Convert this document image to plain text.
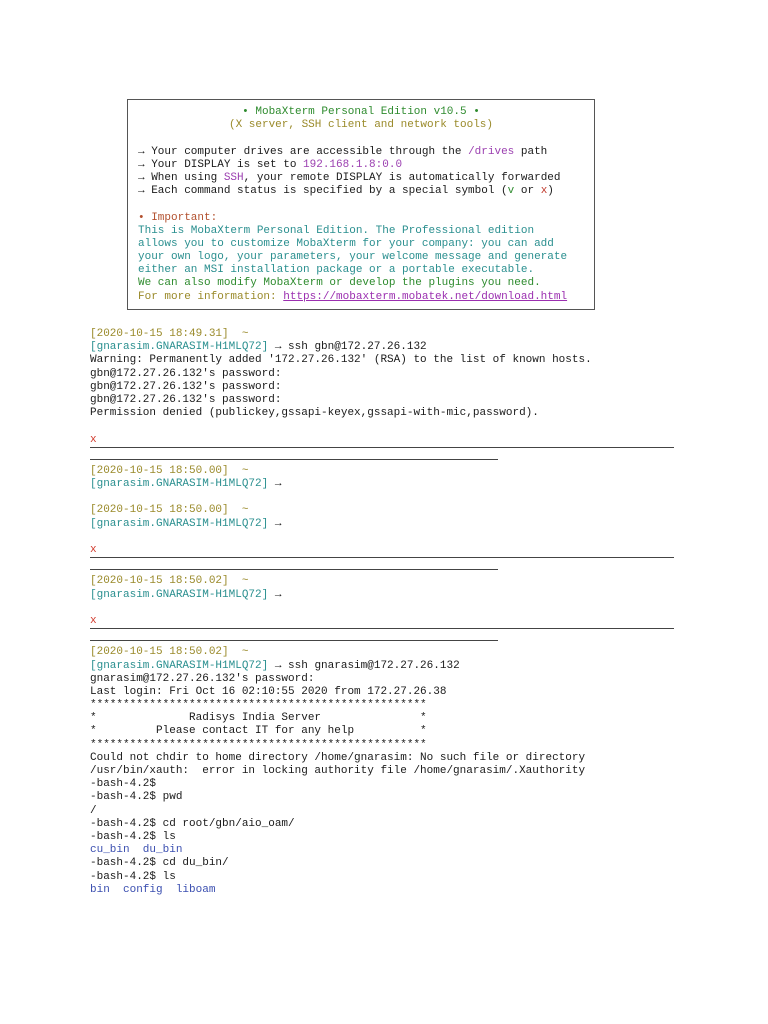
• MobaXterm Personal Edition v10.5 •
(X server, SSH client and network tools)
→ Your computer drives are accessible through the /drives path
→ Your DISPLAY is set to 192.168.1.8:0.0
→ When using SSH, your remote DISPLAY is automatically forwarded
→ Each command status is specified by a special symbol (v or x)
• Important:
This is MobaXterm Personal Edition. The Professional edition
allows you to customize MobaXterm for your company: you can add
your own logo, your parameters, your welcome message and generate
either an MSI installation package or a portable executable.
We can also modify MobaXterm or develop the plugins you need.
For more information: https://mobaxterm.mobatek.net/download.html
[2020-10-15 18:49.31]  ~
[gnarasim.GNARASIM-H1MLQ72] → ssh gbn@172.27.26.132
Warning: Permanently added '172.27.26.132' (RSA) to the list of known hosts.
gbn@172.27.26.132's password:
gbn@172.27.26.132's password:
gbn@172.27.26.132's password:
Permission denied (publickey,gssapi-keyex,gssapi-with-mic,password).
x
[2020-10-15 18:50.00]  ~
[gnarasim.GNARASIM-H1MLQ72] →
[2020-10-15 18:50.00]  ~
[gnarasim.GNARASIM-H1MLQ72] →
x
[2020-10-15 18:50.02]  ~
[gnarasim.GNARASIM-H1MLQ72] →
x
[2020-10-15 18:50.02]  ~
[gnarasim.GNARASIM-H1MLQ72] → ssh gnarasim@172.27.26.132
gnarasim@172.27.26.132's password:
Last login: Fri Oct 16 02:10:55 2020 from 172.27.26.38
***************************************************
*              Radisys India Server               *
*         Please contact IT for any help          *
***************************************************
Could not chdir to home directory /home/gnarasim: No such file or directory
/usr/bin/xauth:  error in locking authority file /home/gnarasim/.Xauthority
-bash-4.2$
-bash-4.2$ pwd
/
-bash-4.2$ cd root/gbn/aio_oam/
-bash-4.2$ ls
cu_bin  du_bin
-bash-4.2$ cd du_bin/
-bash-4.2$ ls
bin  config  liboam
